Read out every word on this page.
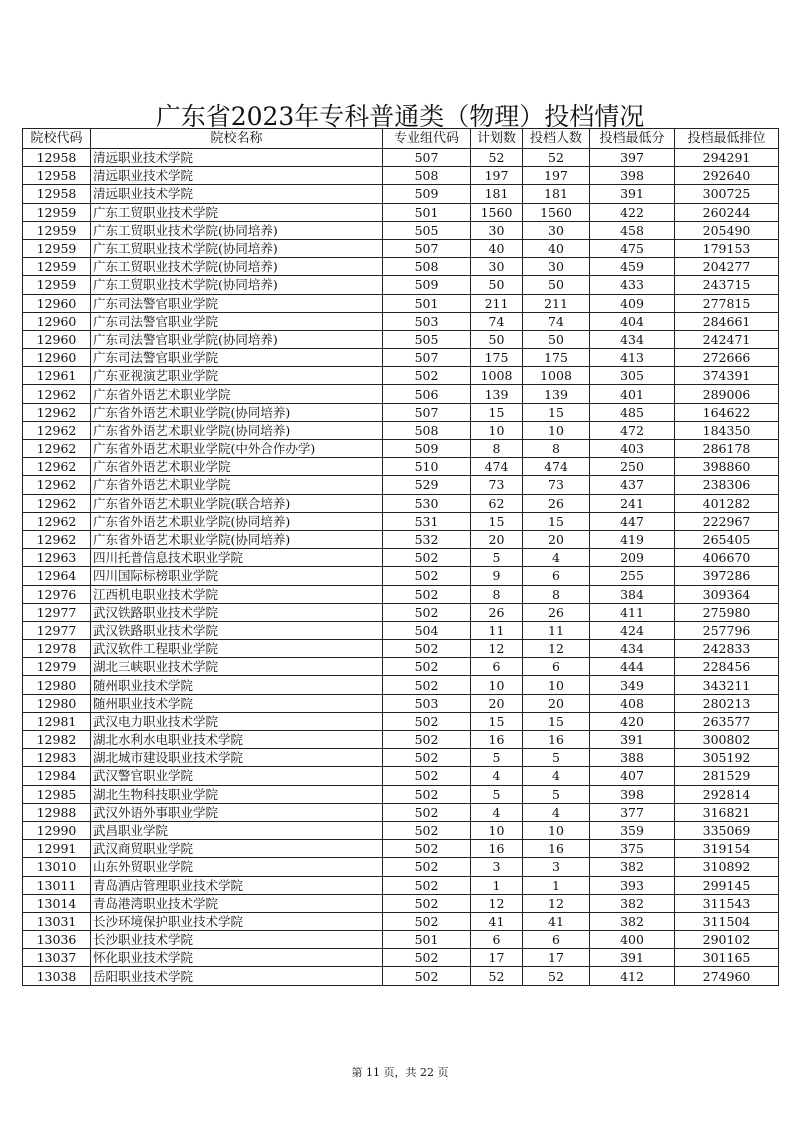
广东省2023年专科普通类（物理）投档情况
院校代码	院校名称	专业组代码	计划数	投档人数	投档最低分	投档最低排位
12958	清远职业技术学院	507	52	52	397	294291
12958	清远职业技术学院	508	197	197	398	292640
12958	清远职业技术学院	509	181	181	391	300725
12959	广东工贸职业技术学院	501	1560	1560	422	260244
12959	广东工贸职业技术学院(协同培养)	505	30	30	458	205490
12959	广东工贸职业技术学院(协同培养)	507	40	40	475	179153
12959	广东工贸职业技术学院(协同培养)	508	30	30	459	204277
12959	广东工贸职业技术学院(协同培养)	509	50	50	433	243715
12960	广东司法警官职业学院	501	211	211	409	277815
12960	广东司法警官职业学院	503	74	74	404	284661
12960	广东司法警官职业学院(协同培养)	505	50	50	434	242471
12960	广东司法警官职业学院	507	175	175	413	272666
12961	广东亚视演艺职业学院	502	1008	1008	305	374391
12962	广东省外语艺术职业学院	506	139	139	401	289006
12962	广东省外语艺术职业学院(协同培养)	507	15	15	485	164622
12962	广东省外语艺术职业学院(协同培养)	508	10	10	472	184350
12962	广东省外语艺术职业学院(中外合作办学)	509	8	8	403	286178
12962	广东省外语艺术职业学院	510	474	474	250	398860
12962	广东省外语艺术职业学院	529	73	73	437	238306
12962	广东省外语艺术职业学院(联合培养)	530	62	26	241	401282
12962	广东省外语艺术职业学院(协同培养)	531	15	15	447	222967
12962	广东省外语艺术职业学院(协同培养)	532	20	20	419	265405
12963	四川托普信息技术职业学院	502	5	4	209	406670
12964	四川国际标榜职业学院	502	9	6	255	397286
12976	江西机电职业技术学院	502	8	8	384	309364
12977	武汉铁路职业技术学院	502	26	26	411	275980
12977	武汉铁路职业技术学院	504	11	11	424	257796
12978	武汉软件工程职业学院	502	12	12	434	242833
12979	湖北三峡职业技术学院	502	6	6	444	228456
12980	随州职业技术学院	502	10	10	349	343211
12980	随州职业技术学院	503	20	20	408	280213
12981	武汉电力职业技术学院	502	15	15	420	263577
12982	湖北水利水电职业技术学院	502	16	16	391	300802
12983	湖北城市建设职业技术学院	502	5	5	388	305192
12984	武汉警官职业学院	502	4	4	407	281529
12985	湖北生物科技职业学院	502	5	5	398	292814
12988	武汉外语外事职业学院	502	4	4	377	316821
12990	武昌职业学院	502	10	10	359	335069
12991	武汉商贸职业学院	502	16	16	375	319154
13010	山东外贸职业学院	502	3	3	382	310892
13011	青岛酒店管理职业技术学院	502	1	1	393	299145
13014	青岛港湾职业技术学院	502	12	12	382	311543
13031	长沙环境保护职业技术学院	502	41	41	382	311504
13036	长沙职业技术学院	501	6	6	400	290102
13037	怀化职业技术学院	502	17	17	391	301165
13038	岳阳职业技术学院	502	52	52	412	274960
第 11 页，共 22 页
